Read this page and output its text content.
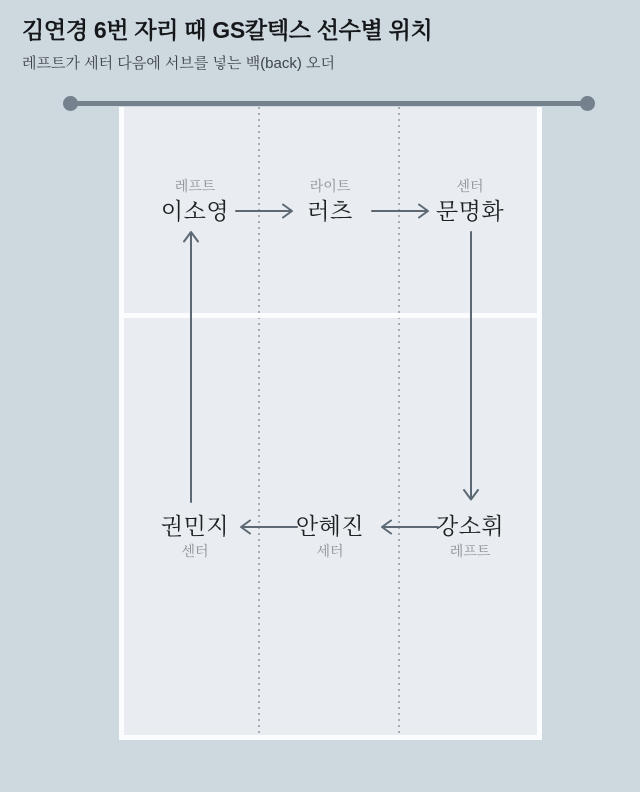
김연경 6번 자리 때 GS칼텍스 선수별 위치

레프트가 세터 다음에 서브를 넣는 백(back) 오더

레프트
이소영
라이트
러츠
센터
문명화
강소휘
레프트
안혜진
세터
권민지
센터
